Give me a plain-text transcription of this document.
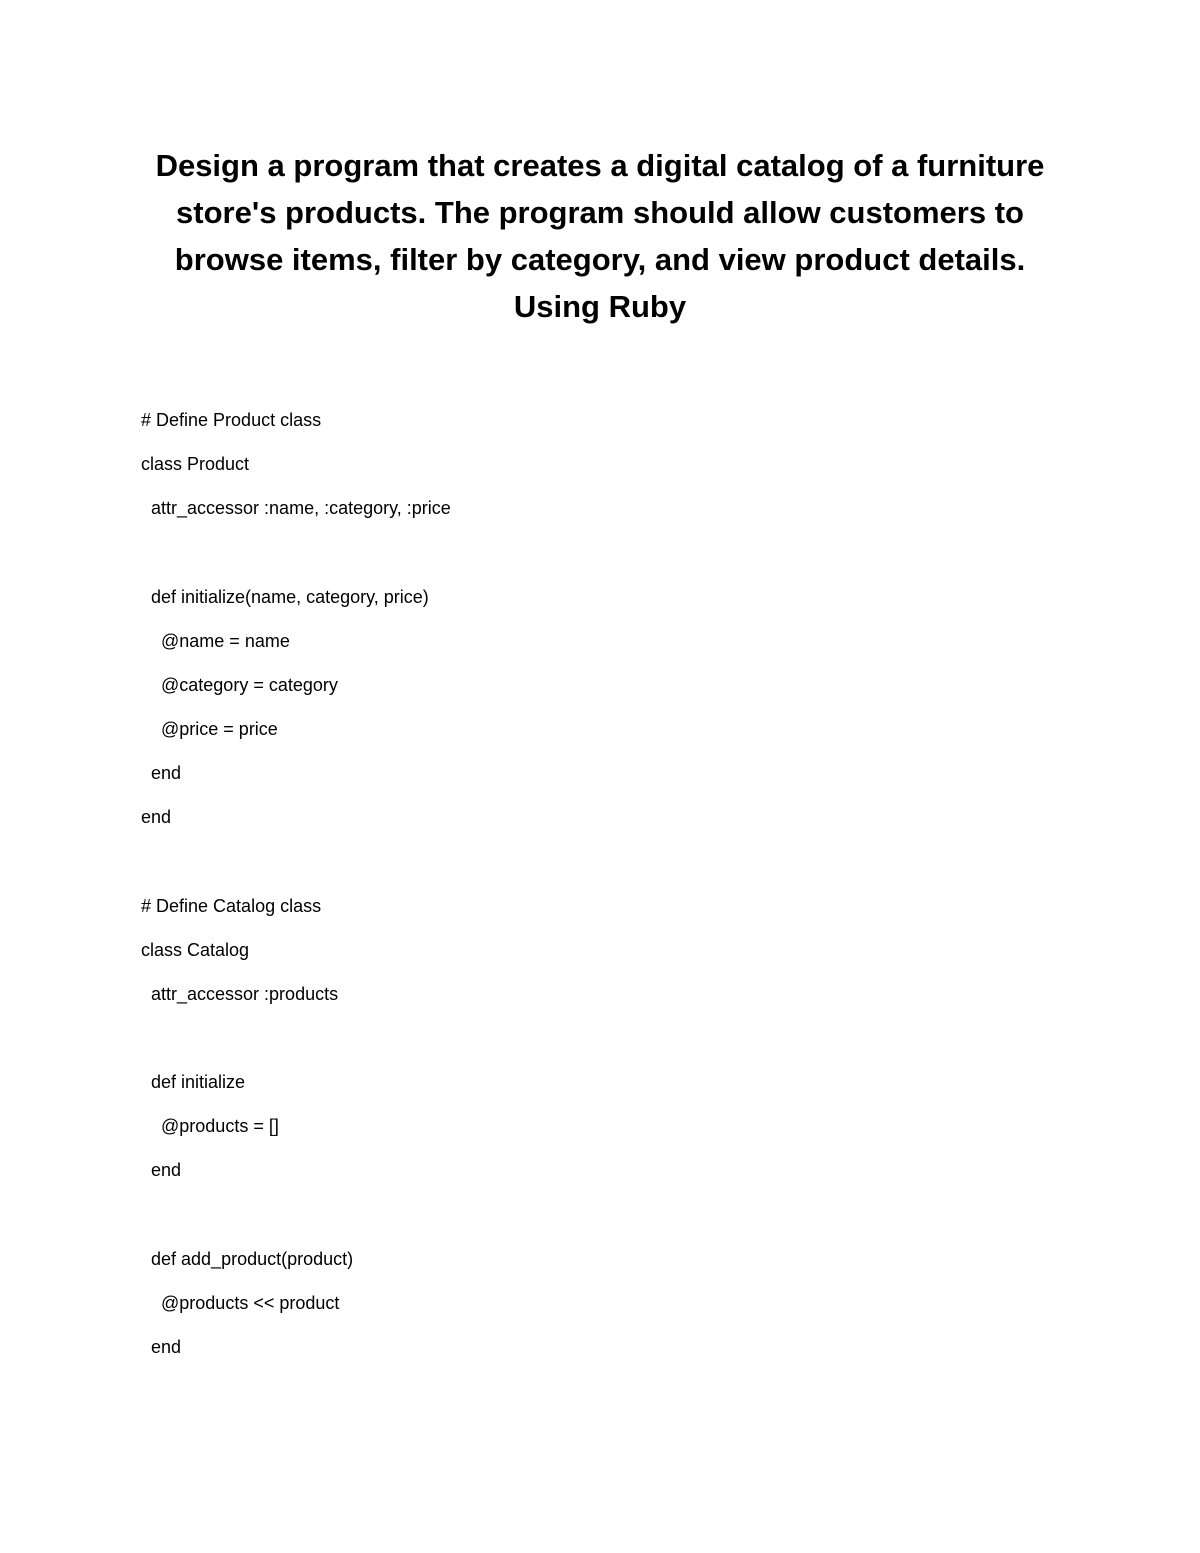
Design a program that creates a digital catalog of a furniture
store's products. The program should allow customers to
browse items, filter by category, and view product details.
Using Ruby
# Define Product class
class Product
attr_accessor :name, :category, :price
def initialize(name, category, price)
@name = name
@category = category
@price = price
end
end
# Define Catalog class
class Catalog
attr_accessor :products
def initialize
@products = []
end
def add_product(product)
@products << product
end
